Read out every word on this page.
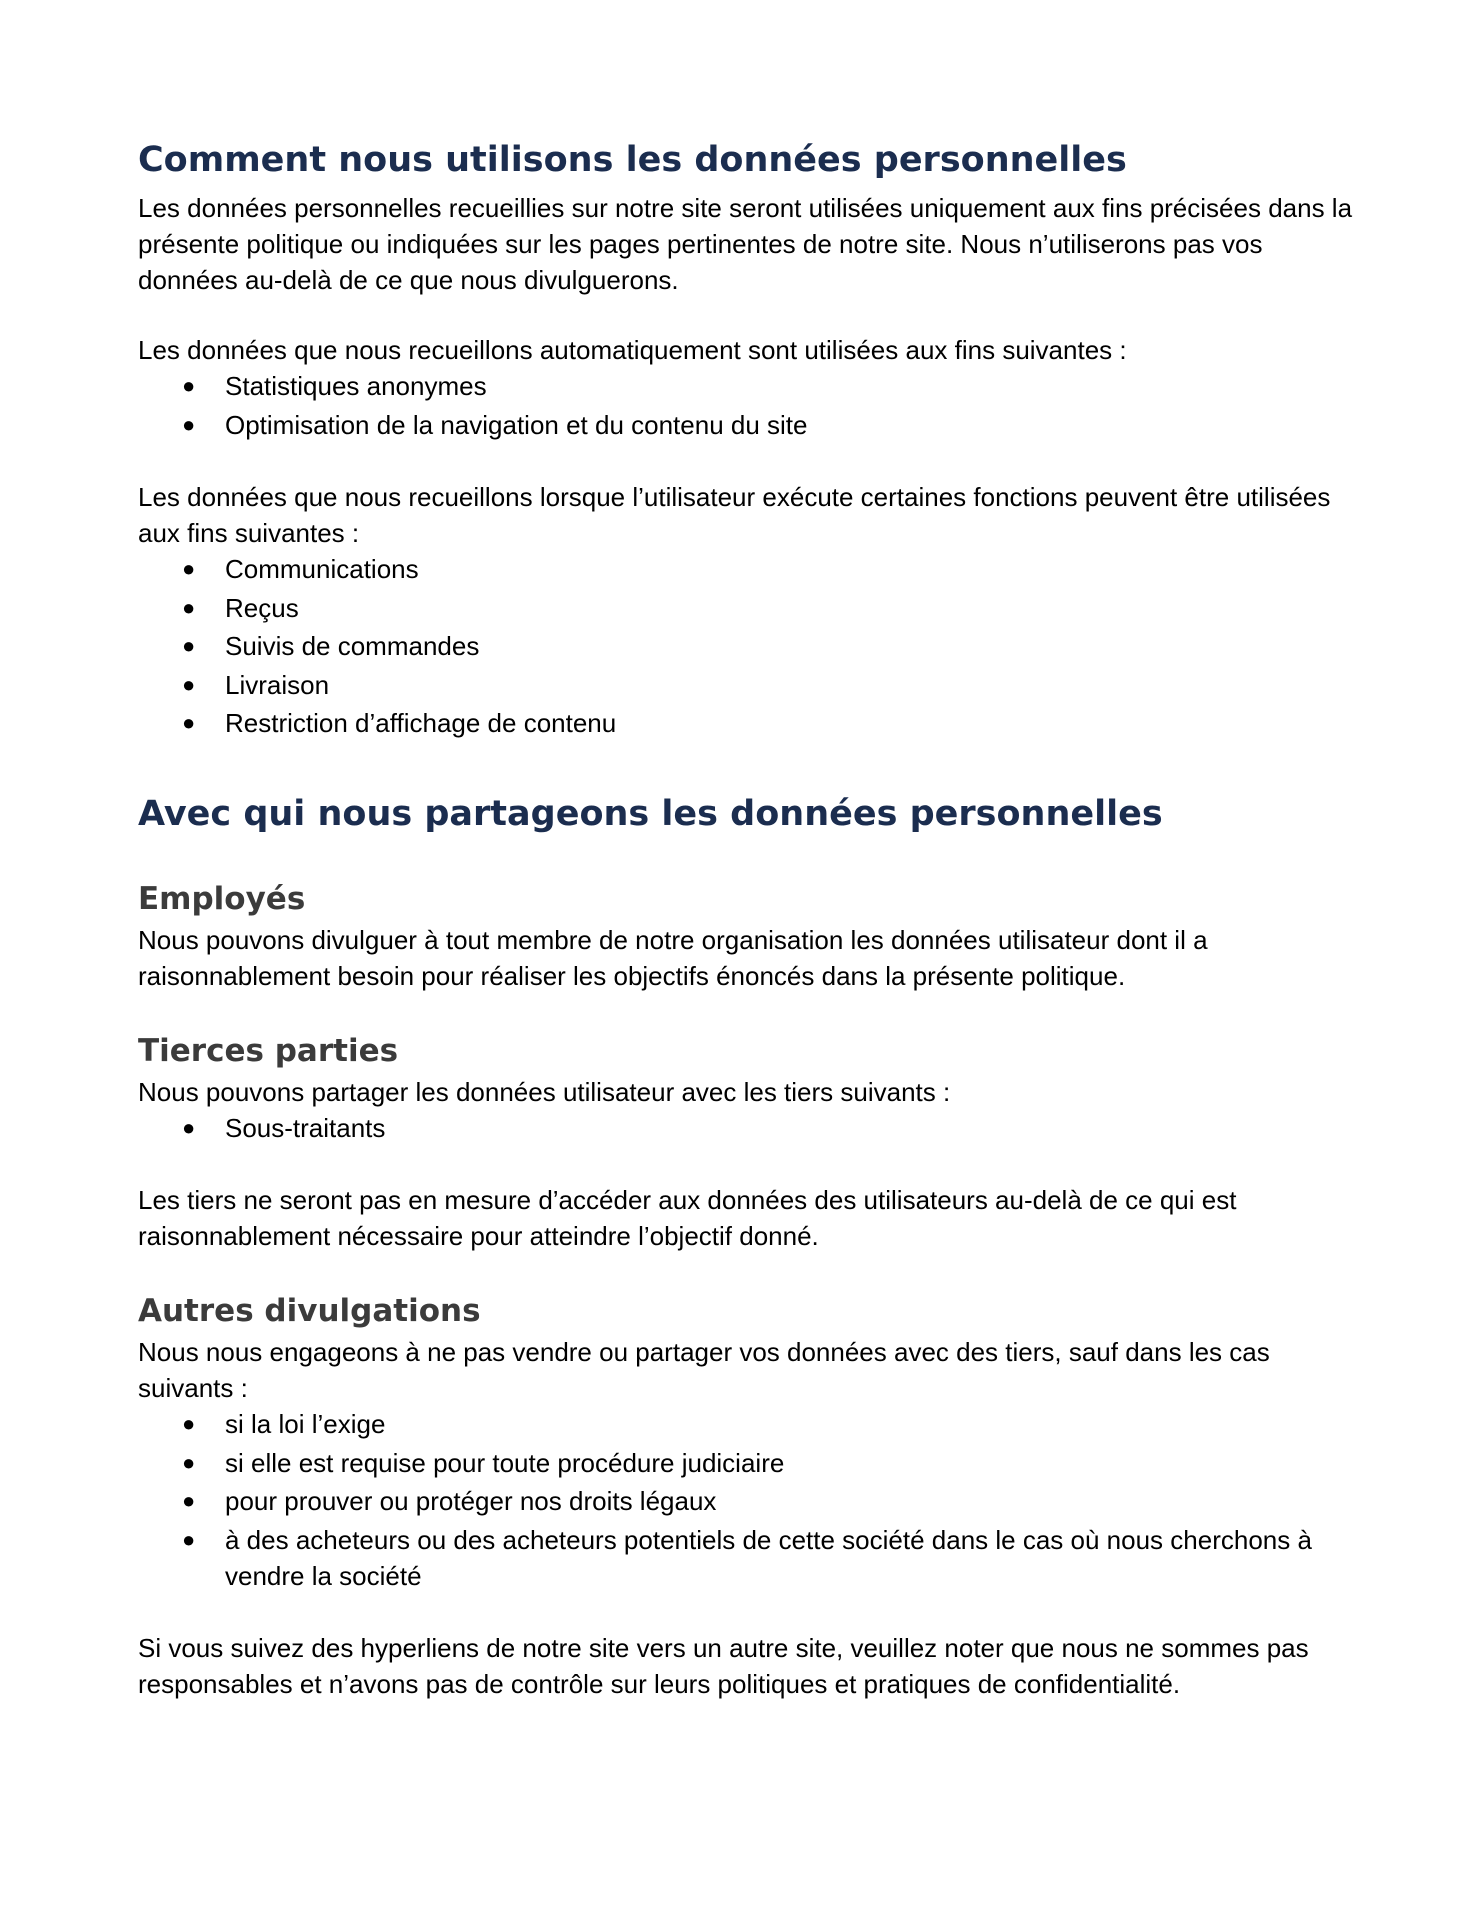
Comment nous utilisons les données personnelles

Les données personnelles recueillies sur notre site seront utilisées uniquement aux fins précisées dans la présente politique ou indiquées sur les pages pertinentes de notre site. Nous n’utiliserons pas vos données au-delà de ce que nous divulguerons.

Les données que nous recueillons automatiquement sont utilisées aux fins suivantes :

● Statistiques anonymes
● Optimisation de la navigation et du contenu du site

Les données que nous recueillons lorsque l’utilisateur exécute certaines fonctions peuvent être utilisées aux fins suivantes :

● Communications
● Reçus
● Suivis de commandes
● Livraison
● Restriction d’affichage de contenu
Avec qui nous partageons les données personnelles
Employés

Nous pouvons divulguer à tout membre de notre organisation les données utilisateur dont il a raisonnablement besoin pour réaliser les objectifs énoncés dans la présente politique.

Tierces parties

Nous pouvons partager les données utilisateur avec les tiers suivants :

● Sous-traitants

Les tiers ne seront pas en mesure d’accéder aux données des utilisateurs au-delà de ce qui est raisonnablement nécessaire pour atteindre l’objectif donné.

Autres divulgations

Nous nous engageons à ne pas vendre ou partager vos données avec des tiers, sauf dans les cas suivants :

● si la loi l’exige
● si elle est requise pour toute procédure judiciaire
● pour prouver ou protéger nos droits légaux
● à des acheteurs ou des acheteurs potentiels de cette société dans le cas où nous cherchons à vendre la société

Si vous suivez des hyperliens de notre site vers un autre site, veuillez noter que nous ne sommes pas responsables et n’avons pas de contrôle sur leurs politiques et pratiques de confidentialité.
